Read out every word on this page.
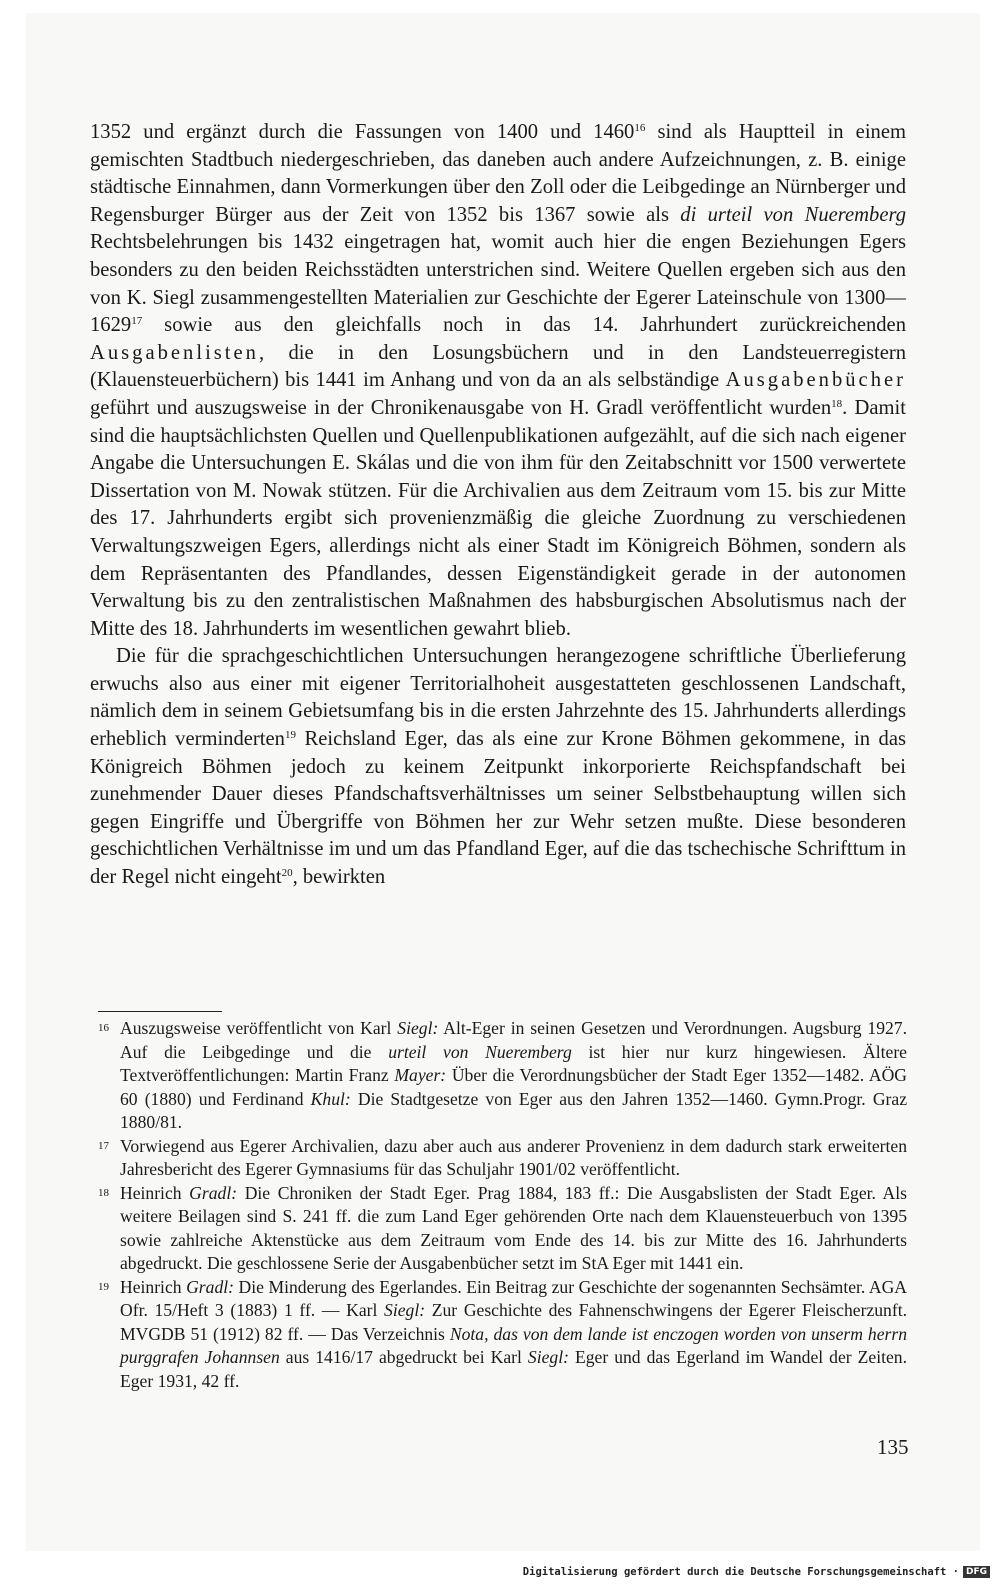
1352 und ergänzt durch die Fassungen von 1400 und 1460$^{16}$ sind als Hauptteil in einem gemischten Stadtbuch niedergeschrieben, das daneben auch andere Aufzeichnungen, z. B. einige städtische Einnahmen, dann Vormerkungen über den Zoll oder die Leibgedinge an Nürnberger und Regensburger Bürger aus der Zeit von 1352 bis 1367 sowie als di urteil von Nueremberg Rechtsbelehrungen bis 1432 eingetragen hat, womit auch hier die engen Beziehungen Egers besonders zu den beiden Reichsstädten unterstrichen sind. Weitere Quellen ergeben sich aus den von K. Siegl zusammengestellten Materialien zur Geschichte der Egerer Lateinschule von 1300—1629$^{17}$ sowie aus den gleichfalls noch in das 14. Jahrhundert zurückreichenden Ausgabenlisten, die in den Losungsbüchern und in den Landsteuerregistern (Klauensteuerbüchern) bis 1441 im Anhang und von da an als selbständige Ausgabenbücher geführt und auszugsweise in der Chronikenausgabe von H. Gradl veröffentlicht wurden$^{18}$. Damit sind die hauptsächlichsten Quellen und Quellenpublikationen aufgezählt, auf die sich nach eigener Angabe die Untersuchungen E. Skálas und die von ihm für den Zeitabschnitt vor 1500 verwertete Dissertation von M. Nowak stützen. Für die Archivalien aus dem Zeitraum vom 15. bis zur Mitte des 17. Jahrhunderts ergibt sich provenienzmäßig die gleiche Zuordnung zu verschiedenen Verwaltungszweigen Egers, allerdings nicht als einer Stadt im Königreich Böhmen, sondern als dem Repräsentanten des Pfandlandes, dessen Eigenständigkeit gerade in der autonomen Verwaltung bis zu den zentralistischen Maßnahmen des habsburgischen Absolutismus nach der Mitte des 18. Jahrhunderts im wesentlichen gewahrt blieb.

Die für die sprachgeschichtlichen Untersuchungen herangezogene schriftliche Überlieferung erwuchs also aus einer mit eigener Territorialhoheit ausgestatteten geschlossenen Landschaft, nämlich dem in seinem Gebietsumfang bis in die ersten Jahrzehnte des 15. Jahrhunderts allerdings erheblich verminderten$^{19}$ Reichsland Eger, das als eine zur Krone Böhmen gekommene, in das Königreich Böhmen jedoch zu keinem Zeitpunkt inkorporierte Reichspfandschaft bei zunehmender Dauer dieses Pfandschaftsverhältnisses um seiner Selbstbehauptung willen sich gegen Eingriffe und Übergriffe von Böhmen her zur Wehr setzen mußte. Diese besonderen geschichtlichen Verhältnisse im und um das Pfandland Eger, auf die das tschechische Schrifttum in der Regel nicht eingeht$^{20}$, bewirkten

16 Auszugsweise veröffentlicht von Karl Siegl: Alt-Eger in seinen Gesetzen und Verordnungen. Augsburg 1927. Auf die Leibgedinge und die urteil von Nueremberg ist hier nur kurz hingewiesen. Ältere Textveröffentlichungen: Martin Franz Mayer: Über die Verordnungsbücher der Stadt Eger 1352—1482. AÖG 60 (1880) und Ferdinand Khul: Die Stadtgesetze von Eger aus den Jahren 1352—1460. Gymn.Progr. Graz 1880/81.

17 Vorwiegend aus Egerer Archivalien, dazu aber auch aus anderer Provenienz in dem dadurch stark erweiterten Jahresbericht des Egerer Gymnasiums für das Schuljahr 1901/02 veröffentlicht.

18 Heinrich Gradl: Die Chroniken der Stadt Eger. Prag 1884, 183 ff.: Die Ausgabslisten der Stadt Eger. Als weitere Beilagen sind S. 241 ff. die zum Land Eger gehörenden Orte nach dem Klauensteuerbuch von 1395 sowie zahlreiche Aktenstücke aus dem Zeitraum vom Ende des 14. bis zur Mitte des 16. Jahrhunderts abgedruckt. Die geschlossene Serie der Ausgabenbücher setzt im StA Eger mit 1441 ein.

19 Heinrich Gradl: Die Minderung des Egerlandes. Ein Beitrag zur Geschichte der sogenannten Sechsämter. AGA Ofr. 15/Heft 3 (1883) 1 ff. — Karl Siegl: Zur Geschichte des Fahnenschwingens der Egerer Fleischerzunft. MVGDB 51 (1912) 82 ff. — Das Verzeichnis Nota, das von dem lande ist enczogen worden von unserm herrn purggrafen Johannsen aus 1416/17 abgedruckt bei Karl Siegl: Eger und das Egerland im Wandel der Zeiten. Eger 1931, 42 ff.

135
Digitalisierung gefördert durch die Deutsche Forschungsgemeinschaft · DFG
